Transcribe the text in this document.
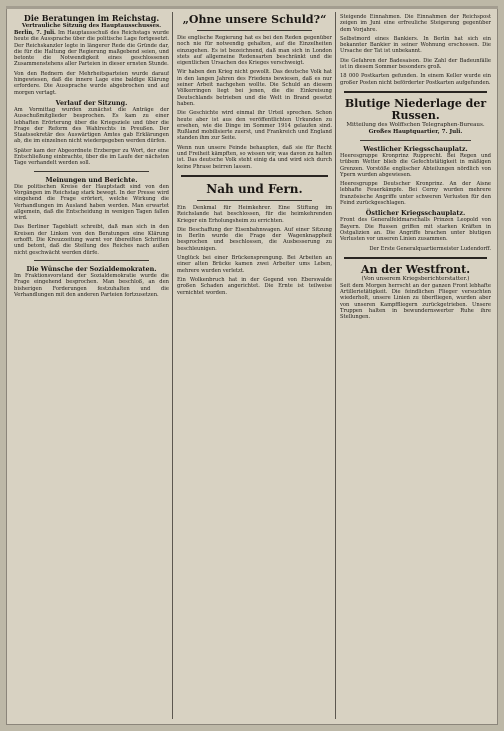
Die Beratungen im Reichstag.
Vertrauliche Sitzung des Hauptausschusses.

Berlin, 7. Juli. Im Hauptausschuß des Reichstags wurde heute die Aussprache über die politische Lage fortgesetzt. Der Reichskanzler legte in längerer Rede die Gründe dar, die für die Haltung der Regierung maßgebend seien, und betonte die Notwendigkeit eines geschlossenen Zusammenstehens aller Parteien in dieser ernsten Stunde.

Von den Rednern der Mehrheitsparteien wurde darauf hingewiesen, daß die innere Lage eine baldige Klärung erfordere. Die Aussprache wurde abgebrochen und auf morgen vertagt.

Verlauf der Sitzung.

Am Vormittag wurden zunächst die Anträge der Ausschußmitglieder besprochen. Es kam zu einer lebhaften Erörterung über die Kriegsziele und über die Frage der Reform des Wahlrechts in Preußen. Der Staatssekretär des Auswärtigen Amtes gab Erklärungen ab, die im einzelnen nicht wiedergegeben werden dürfen.

Später kam der Abgeordnete Erzberger zu Wort, der eine Entschließung einbrachte, über die im Laufe der nächsten Tage verhandelt werden soll.

Meinungen und Berichte.

Die politischen Kreise der Hauptstadt sind von den Vorgängen im Reichstag stark bewegt. In der Presse wird eingehend die Frage erörtert, welche Wirkung die Verhandlungen im Ausland haben werden. Man erwartet allgemein, daß die Entscheidung in wenigen Tagen fallen wird.

Das Berliner Tageblatt schreibt, daß man sich in den Kreisen der Linken von den Beratungen eine Klärung erhofft. Die Kreuzzeitung warnt vor übereilten Schritten und betont, daß die Stellung des Reiches nach außen nicht geschwächt werden dürfe.

Die Wünsche der Sozialdemokraten.

Im Fraktionsvorstand der Sozialdemokratie wurde die Frage eingehend besprochen. Man beschloß, an den bisherigen Forderungen festzuhalten und die Verhandlungen mit den anderen Parteien fortzusetzen.

„Ohne unsere Schuld?“

Die englische Regierung hat es bei den Reden gegenüber noch nie für notwendig gehalten, auf die Einzelheiten einzugehen. Es ist bezeichnend, daß man sich in London stets auf allgemeine Redensarten beschränkt und die eigentlichen Ursachen des Krieges verschweigt.

Wir haben den Krieg nicht gewollt. Das deutsche Volk hat in den langen Jahren des Friedens bewiesen, daß es nur seiner Arbeit nachgehen wollte. Die Schuld an diesem Völkerringen liegt bei jenen, die die Einkreisung Deutschlands betrieben und die Welt in Brand gesetzt haben.

Die Geschichte wird einmal ihr Urteil sprechen. Schon heute aber ist aus den veröffentlichten Urkunden zu ersehen, wie die Dinge im Sommer 1914 gelaufen sind. Rußland mobilisierte zuerst, und Frankreich und England standen ihm zur Seite.

Wenn nun unsere Feinde behaupten, daß sie für Recht und Freiheit kämpften, so wissen wir, was davon zu halten ist. Das deutsche Volk steht einig da und wird sich durch keine Phrase beirren lassen.

Nah und Fern.

Ein Denkmal für Heimkehrer. Eine Stiftung im Reichslande hat beschlossen, für die heimkehrenden Krieger ein Erholungsheim zu errichten.

Die Beschaffung der Eisenbahnwagen. Auf einer Sitzung in Berlin wurde die Frage der Wagenknappheit besprochen und beschlossen, die Ausbesserung zu beschleunigen.

Unglück bei einer Brückensprengung. Bei Arbeiten an einer alten Brücke kamen zwei Arbeiter ums Leben, mehrere wurden verletzt.

Ein Wolkenbruch hat in der Gegend von Eberswalde großen Schaden angerichtet. Die Ernte ist teilweise vernichtet worden.

Steigende Einnahmen. Die Einnahmen der Reichspost zeigen im Juni eine erfreuliche Steigerung gegenüber dem Vorjahre.

Selbstmord eines Bankiers. In Berlin hat sich ein bekannter Bankier in seiner Wohnung erschossen. Die Ursache der Tat ist unbekannt.

Die Gefahren der Badesaison. Die Zahl der Badeunfälle ist in diesem Sommer besonders groß.

18 000 Postkarten gefunden. In einem Keller wurde ein großer Posten nicht beförderter Postkarten aufgefunden.

Blutige Niederlage der Russen.
Mitteilung des Wolffschen Telegraphen-Bureaus.
Großes Hauptquartier, 7. Juli.
Westlicher Kriegsschauplatz.

Heeresgruppe Kronprinz Rupprecht. Bei Regen und trübem Wetter blieb die Gefechtstätigkeit in mäßigen Grenzen. Vorstöße englischer Abteilungen nördlich von Ypern wurden abgewiesen.

Heeresgruppe Deutscher Kronprinz. An der Aisne lebhafte Feuerkämpfe. Bei Cerny wurden mehrere französische Angriffe unter schweren Verlusten für den Feind zurückgeschlagen.

Östlicher Kriegsschauplatz.

Front des Generalfeldmarschalls Prinzen Leopold von Bayern. Die Russen griffen mit starken Kräften in Ostgalizien an. Die Angriffe brachen unter blutigen Verlusten vor unseren Linien zusammen.

Der Erste Generalquartiermeister Ludendorff.

An der Westfront.
(Von unserem Kriegsberichterstatter.)

Seit dem Morgen herrscht an der ganzen Front lebhafte Artillerietätigkeit. Die feindlichen Flieger versuchten wiederholt, unsere Linien zu überfliegen, wurden aber von unseren Kampffliegern zurückgetrieben. Unsere Truppen halten in bewundernswerter Ruhe ihre Stellungen.
